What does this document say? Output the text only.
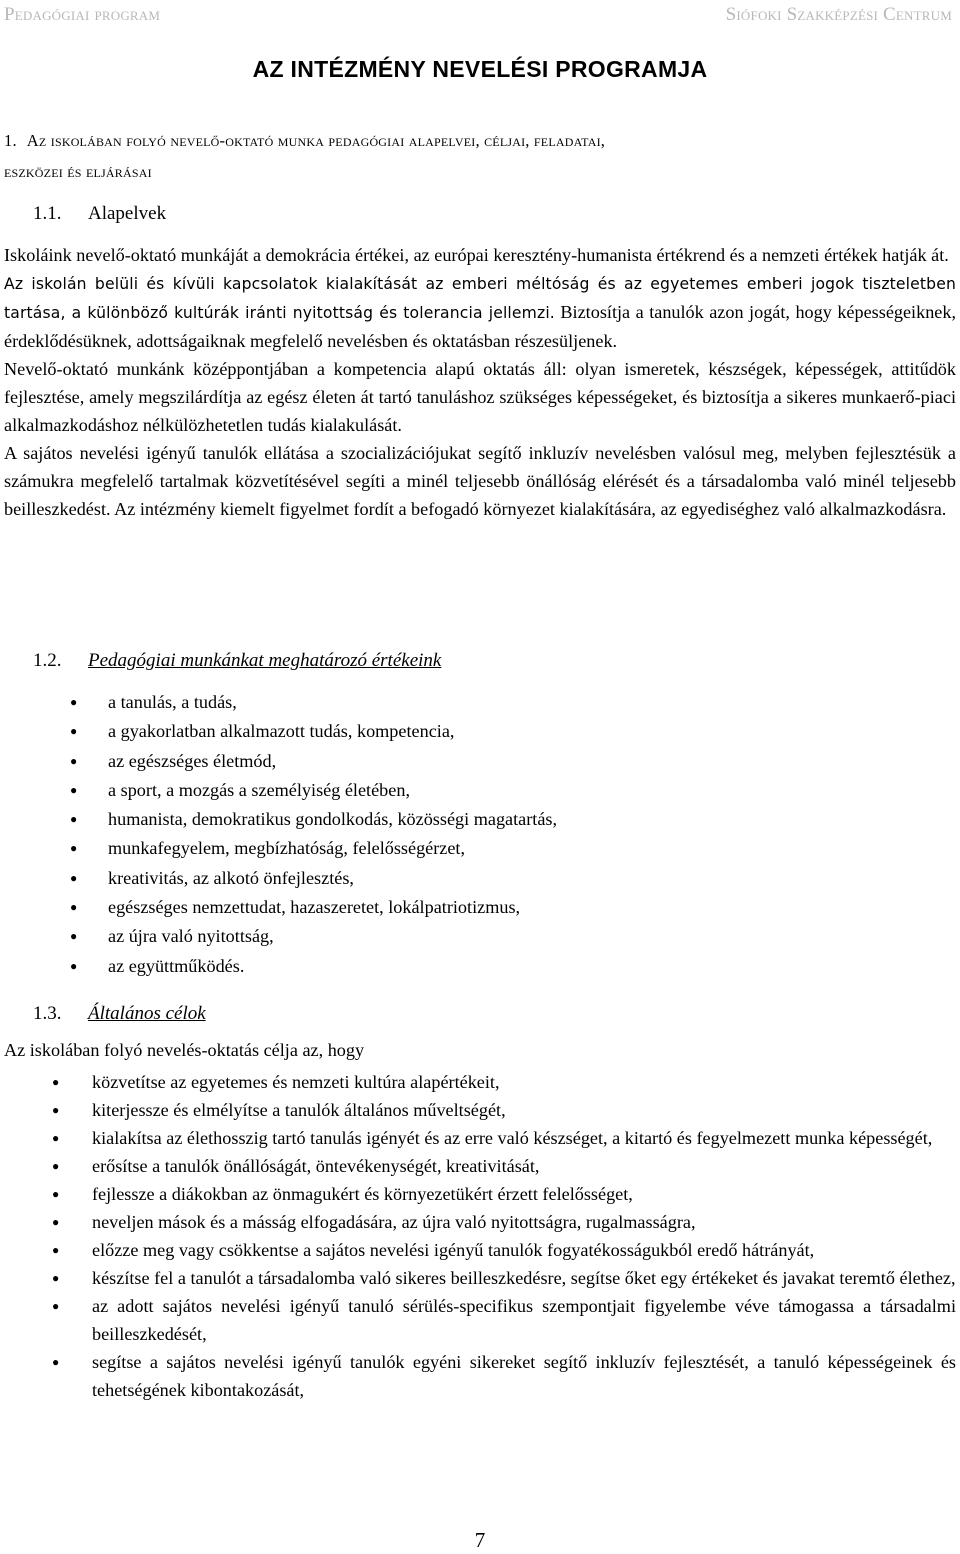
Pedagógiai program	Siófoki Szakképzési Centrum
AZ INTÉZMÉNY NEVELÉSI PROGRAMJA
1. Az iskolában folyó nevelő-oktató munka pedagógiai alapelvei, céljai, feladatai,
eszközei és eljárásai
1.1. Alapelvek

Iskoláink nevelő-oktató munkáját a demokrácia értékei, az európai keresztény-humanista értékrend és a nemzeti értékek hatják át.

Az iskolán belüli és kívüli kapcsolatok kialakítását az emberi méltóság és az egyetemes emberi jogok tiszteletben tartása, a különböző kultúrák iránti nyitottság és tolerancia jellemzi. Biztosítja a tanulók azon jogát, hogy képességeiknek, érdeklődésüknek, adottságaiknak megfelelő nevelésben és oktatásban részesüljenek.

Nevelő-oktató munkánk középpontjában a kompetencia alapú oktatás áll: olyan ismeretek, készségek, képességek, attitűdök fejlesztése, amely megszilárdítja az egész életen át tartó tanuláshoz szükséges képességeket, és biztosítja a sikeres munkaerő-piaci alkalmazkodáshoz nélkülözhetetlen tudás kialakulását.

A sajátos nevelési igényű tanulók ellátása a szocializációjukat segítő inkluzív nevelésben valósul meg, melyben fejlesztésük a számukra megfelelő tartalmak közvetítésével segíti a minél teljesebb önállóság elérését és a társadalomba való minél teljesebb beilleszkedést. Az intézmény kiemelt figyelmet fordít a befogadó környezet kialakítására, az egyediséghez való alkalmazkodásra.

1.2. Pedagógiai munkánkat meghatározó értékeink
● a tanulás, a tudás,
● a gyakorlatban alkalmazott tudás, kompetencia,
● az egészséges életmód,
● a sport, a mozgás a személyiség életében,
● humanista, demokratikus gondolkodás, közösségi magatartás,
● munkafegyelem, megbízhatóság, felelősségérzet,
● kreativitás, az alkotó önfejlesztés,
● egészséges nemzettudat, hazaszeretet, lokálpatriotizmus,
● az újra való nyitottság,
● az együttműködés.
1.3. Általános célok
Az iskolában folyó nevelés-oktatás célja az, hogy
● közvetítse az egyetemes és nemzeti kultúra alapértékeit,
● kiterjessze és elmélyítse a tanulók általános műveltségét,
● kialakítsa az élethosszig tartó tanulás igényét és az erre való készséget, a kitartó és fegyelmezett munka képességét,
● erősítse a tanulók önállóságát, öntevékenységét, kreativitását,
● fejlessze a diákokban az önmagukért és környezetükért érzett felelősséget,
● neveljen mások és a másság elfogadására, az újra való nyitottságra, rugalmasságra,
● előzze meg vagy csökkentse a sajátos nevelési igényű tanulók fogyatékosságukból eredő hátrányát,
● készítse fel a tanulót a társadalomba való sikeres beilleszkedésre, segítse őket egy értékeket és javakat teremtő élethez,
● az adott sajátos nevelési igényű tanuló sérülés-specifikus szempontjait figyelembe véve támogassa a társadalmi beilleszkedését,
● segítse a sajátos nevelési igényű tanulók egyéni sikereket segítő inkluzív fejlesztését, a tanuló képességeinek és tehetségének kibontakozását,
7
